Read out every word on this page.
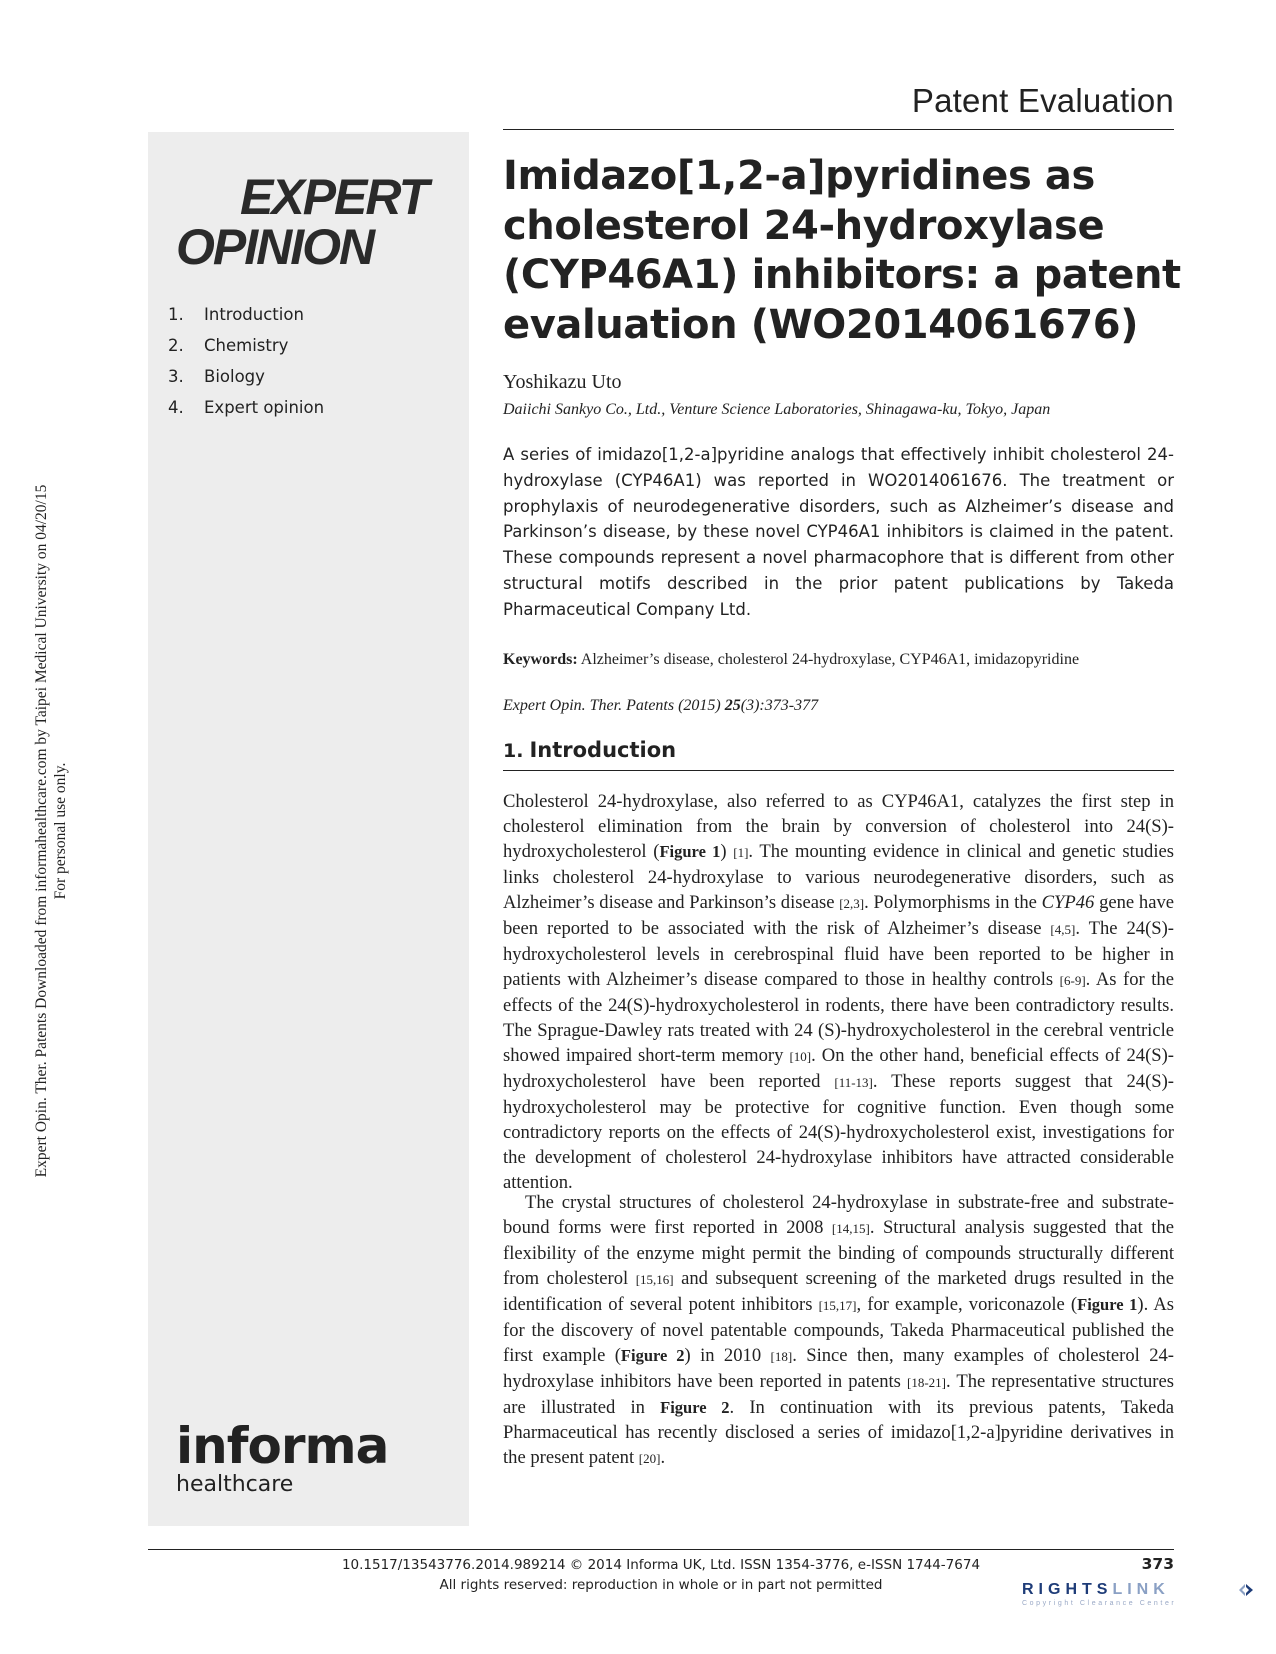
Expert Opin. Ther. Patents Downloaded from informahealthcare.com by Taipei Medical University on 04/20/15 For personal use only.
Patent Evaluation
EXPERT
OPINION
1. Introduction
2. Chemistry
3. Biology
4. Expert opinion
informa
healthcare
Imidazo[1,2-a]pyridines as cholesterol 24-hydroxylase (CYP46A1) inhibitors: a patent evaluation (WO2014061676)
Yoshikazu Uto
Daiichi Sankyo Co., Ltd., Venture Science Laboratories, Shinagawa-ku, Tokyo, Japan

A series of imidazo[1,2-a]pyridine analogs that effectively inhibit cholesterol 24-hydroxylase (CYP46A1) was reported in WO2014061676. The treatment or prophylaxis of neurodegenerative disorders, such as Alzheimer’s disease and Parkinson’s disease, by these novel CYP46A1 inhibitors is claimed in the patent. These compounds represent a novel pharmacophore that is different from other structural motifs described in the prior patent publications by Takeda Pharmaceutical Company Ltd.

Keywords: Alzheimer’s disease, cholesterol 24-hydroxylase, CYP46A1, imidazopyridine
Expert Opin. Ther. Patents (2015) 25(3):373-377
1. Introduction

Cholesterol 24-hydroxylase, also referred to as CYP46A1, catalyzes the first step in cholesterol elimination from the brain by conversion of cholesterol into 24(S)-hydroxycholesterol (Figure 1) [1]. The mounting evidence in clinical and genetic studies links cholesterol 24-hydroxylase to various neurodegenerative disorders, such as Alzheimer’s disease and Parkinson’s disease [2,3]. Polymorphisms in the CYP46 gene have been reported to be associated with the risk of Alzheimer’s disease [4,5]. The 24(S)-hydroxycholesterol levels in cerebrospinal fluid have been reported to be higher in patients with Alzheimer’s disease compared to those in healthy controls [6-9]. As for the effects of the 24(S)-hydroxycholesterol in rodents, there have been contradictory results. The Sprague-Dawley rats treated with 24 (S)-hydroxycholesterol in the cerebral ventricle showed impaired short-term memory [10]. On the other hand, beneficial effects of 24(S)-hydroxycholesterol have been reported [11-13]. These reports suggest that 24(S)-hydroxycholesterol may be protective for cognitive function. Even though some contradictory reports on the effects of 24(S)-hydroxycholesterol exist, investigations for the development of cholesterol 24-hydroxylase inhibitors have attracted considerable attention.

The crystal structures of cholesterol 24-hydroxylase in substrate-free and substrate-bound forms were first reported in 2008 [14,15]. Structural analysis suggested that the flexibility of the enzyme might permit the binding of compounds structurally different from cholesterol [15,16] and subsequent screening of the marketed drugs resulted in the identification of several potent inhibitors [15,17], for example, voriconazole (Figure 1). As for the discovery of novel patentable compounds, Takeda Pharmaceutical published the first example (Figure 2) in 2010 [18]. Since then, many examples of cholesterol 24-hydroxylase inhibitors have been reported in patents [18-21]. The representative structures are illustrated in Figure 2. In continuation with its previous patents, Takeda Pharmaceutical has recently disclosed a series of imidazo[1,2-a]pyridine derivatives in the present patent [20].

10.1517/13543776.2014.989214 © 2014 Informa UK, Ltd. ISSN 1354-3776, e-ISSN 1744-7674
All rights reserved: reproduction in whole or in part not permitted
373
RIGHTSLINK
Copyright Clearance Center
